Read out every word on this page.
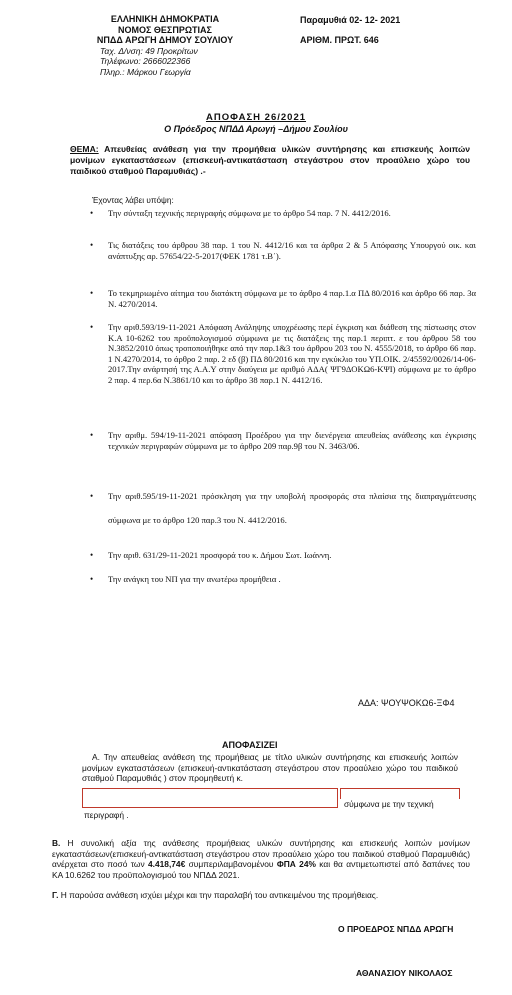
ΕΛΛΗΝΙΚΗ ΔΗΜΟΚΡΑΤΙΑ
ΝΟΜΟΣ ΘΕΣΠΡΩΤΙΑΣ
ΝΠΔΔ ΑΡΩΓΗ ΔΗΜΟΥ ΣΟΥΛΙΟΥ
Ταχ. Δ/νση: 49 Προκρίτων
Τηλέφωνο: 2666022366
Πληρ.: Μάρκου Γεωργία
Παραμυθιά 02- 12- 2021
ΑΡΙΘΜ. ΠΡΩΤ. 646
ΑΠΟΦΑΣΗ 26/2021
Ο Πρόεδρος ΝΠΔΔ Αρωγή –Δήμου Σουλίου
ΘΕΜΑ: Απευθείας ανάθεση για την προμήθεια υλικών συντήρησης και επισκευής λοιπών μονίμων εγκαταστάσεων (επισκευή-αντικατάσταση στεγάστρου στον προαύλειο χώρο του παιδικού σταθμού Παραμυθιάς) .-
Έχοντας λάβει υπόψη:
• Την σύνταξη τεχνικής περιγραφής σύμφωνα με το άρθρο 54 παρ. 7 Ν. 4412/2016.
• Τις διατάξεις του άρθρου 38 παρ. 1 του Ν. 4412/16 και τα άρθρα 2 & 5 Απόφασης Υπουργού οικ. και ανάπτυξης αρ. 57654/22-5-2017(ΦΕΚ 1781 τ.Β΄).
• Το τεκμηριωμένο αίτημα του διατάκτη σύμφωνα με το άρθρο 4 παρ.1.α ΠΔ 80/2016 και άρθρο 66 παρ. 3α Ν. 4270/2014.
• Την αριθ.593/19-11-2021 Απόφαση Ανάληψης υποχρέωσης περί έγκριση και διάθεση της πίστωσης στον Κ.Α 10-6262 του προϋπολογισμού σύμφωνα με τις διατάξεις της παρ.1 περιπτ. ε του άρθρου 58 του Ν.3852/2010 όπως τροποποιήθηκε από την παρ.1&3 του άρθρου 203 του Ν. 4555/2018, το άρθρο 66 παρ. 1 Ν.4270/2014, το άρθρο 2 παρ. 2 εδ (β) ΠΔ 80/2016 και την εγκύκλιο του ΥΠ.ΟΙΚ. 2/45592/0026/14-06-2017.Την ανάρτησή της Α.Α.Υ στην διαύγεια με αριθμό ΑΔΑ( ΨΓ9ΔΟΚΩ6-ΚΨΙ) σύμφωνα με το άρθρο 2 παρ. 4 περ.6α Ν.3861/10 και το άρθρο 38 παρ.1 Ν. 4412/16.
• Την αριθμ. 594/19-11-2021 απόφαση Προέδρου για την διενέργεια απευθείας ανάθεσης και έγκρισης τεχνικών περιγραφών σύμφωνα με το άρθρο 209 παρ.9β του Ν. 3463/06.
• Την αριθ.595/19-11-2021 πρόσκληση για την υποβολή προσφοράς στα πλαίσια της διαπραγμάτευσης σύμφωνα με το άρθρο 120 παρ.3 του Ν. 4412/2016.
• Την αριθ. 631/29-11-2021 προσφορά του κ. Δήμου Σωτ. Ιωάννη.
• Την ανάγκη του ΝΠ για την ανωτέρω προμήθεια .
ΑΔΑ: ΨΟΥΨΟΚΩ6-ΞΦ4
ΑΠΟΦΑΣΙΖΕΙ
Α. Την απευθείας ανάθεση της προμήθειας με τίτλο υλικών συντήρησης και επισκευής λοιπών μονίμων εγκαταστάσεων (επισκευή-αντικατάσταση στεγάστρου στον προαύλειο χώρο του παιδικού σταθμού Παραμυθιάς ) στον προμηθευτή κ.
σύμφωνα με την τεχνική
περιγραφή .
Β. Η συνολική αξία της ανάθεσης προμήθειας υλικών συντήρησης και επισκευής λοιπών μονίμων εγκαταστάσεων(επισκευή-αντικατάσταση στεγάστρου στον προαύλειο χώρο του παιδικού σταθμού Παραμυθιάς) ανέρχεται στο ποσό των 4.418,74€ συμπεριλαμβανομένου ΦΠΑ 24% και θα αντιμετωπιστεί από δαπάνες του ΚΑ 10.6262 του προϋπολογισμού του ΝΠΔΔ 2021.
Γ. Η παρούσα ανάθεση ισχύει μέχρι και την παραλαβή του αντικειμένου της προμήθειας.
Ο ΠΡΟΕΔΡΟΣ ΝΠΔΔ ΑΡΩΓΗ
ΑΘΑΝΑΣΙΟΥ ΝΙΚΟΛΑΟΣ
